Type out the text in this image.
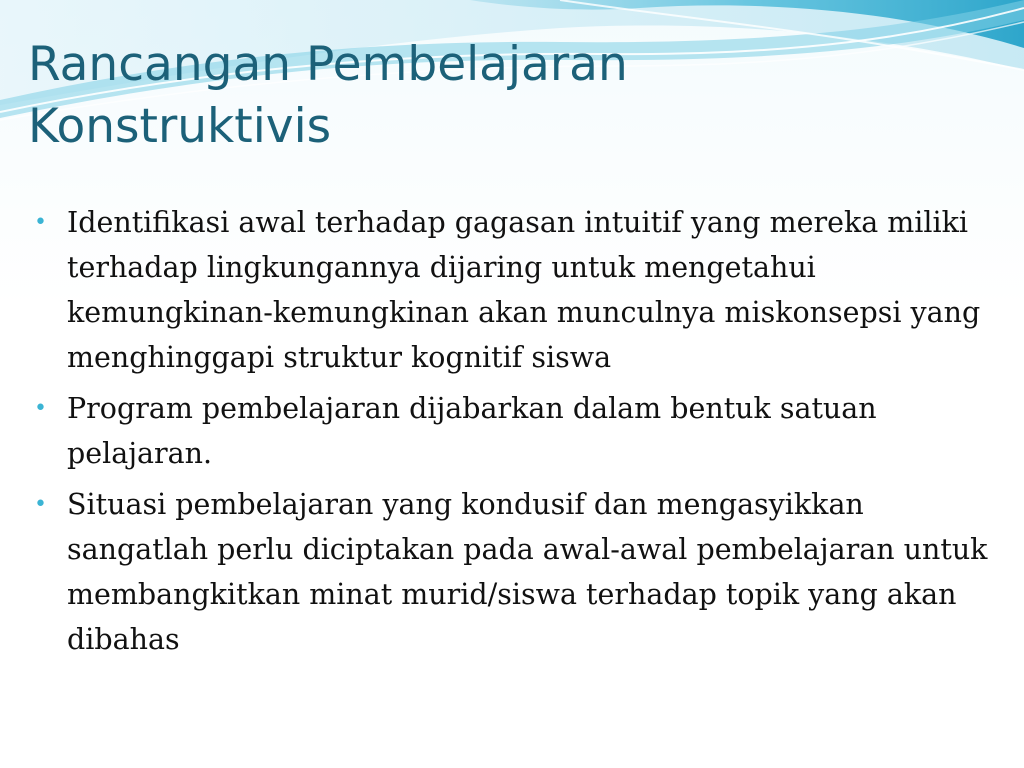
Rancangan Pembelajaran
Konstruktivis
• Identifikasi awal terhadap gagasan intuitif yang mereka miliki terhadap lingkungannya dijaring untuk mengetahui kemungkinan-kemungkinan akan munculnya miskonsepsi yang menghinggapi struktur kognitif siswa
• Program pembelajaran dijabarkan dalam bentuk satuan pelajaran.
• Situasi pembelajaran yang kondusif dan mengasyikkan sangatlah perlu diciptakan pada awal-awal pembelajaran untuk membangkitkan minat murid/siswa terhadap topik yang akan dibahas
